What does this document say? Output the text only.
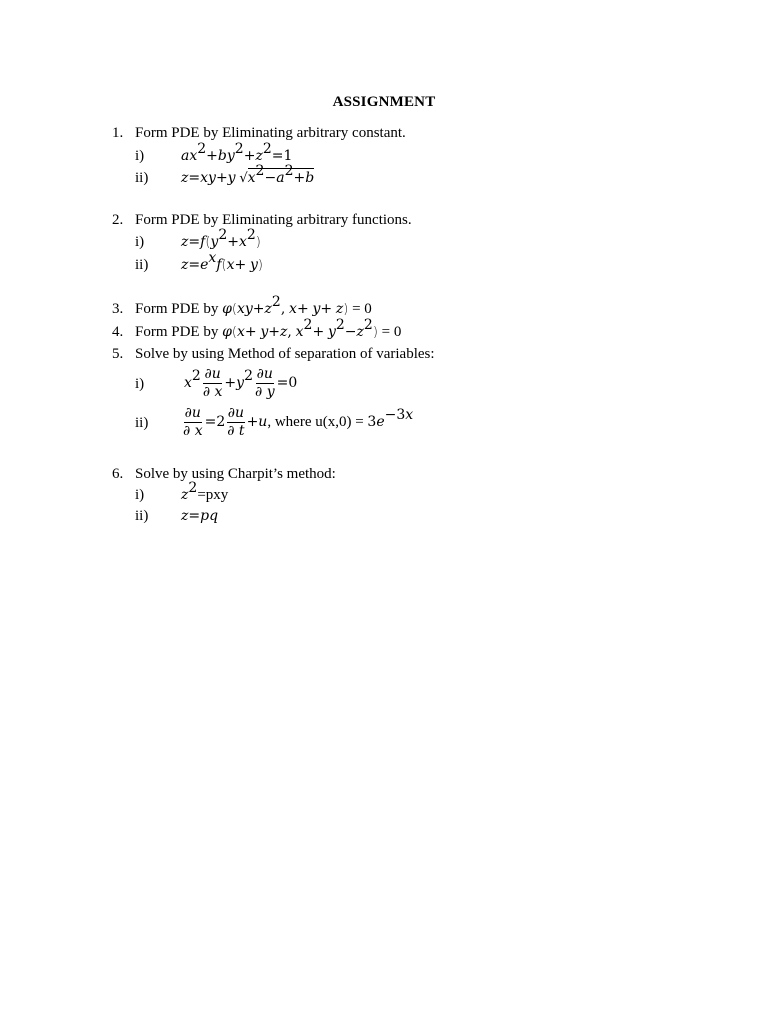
ASSIGNMENT
1. Form PDE by Eliminating arbitrary constant.
i)	$ax^2+by^2+z^2=1$
ii) z=xy+y $√x^2-a^2+b$
2. Form PDE by Eliminating arbitrary functions.
i)	$z=f(y^2+x^2)$
ii) $z=e^xf(x+ y)$
3. Form PDE by $\varphi(xy+z^2$, x+ y+ z) = 0
4. Form PDE by φ(x+ y+z, $x^2+ y^2-z^2) = 0$
5. Solve by using Method of separation of variables:
i)	$x^2 \frac{\partial u}{\partial x} +y^2 \frac{\partial u}{\partial y} =0$
$ii) \frac{\partial u}{\partial x} =2 \frac{\partial u}{\partial t} +u$, where $u(x,0) = 3e^{-3x}$
6. Solve by using Charpit’s method:
i)	$z^2=pxy$
ii) z=pq
